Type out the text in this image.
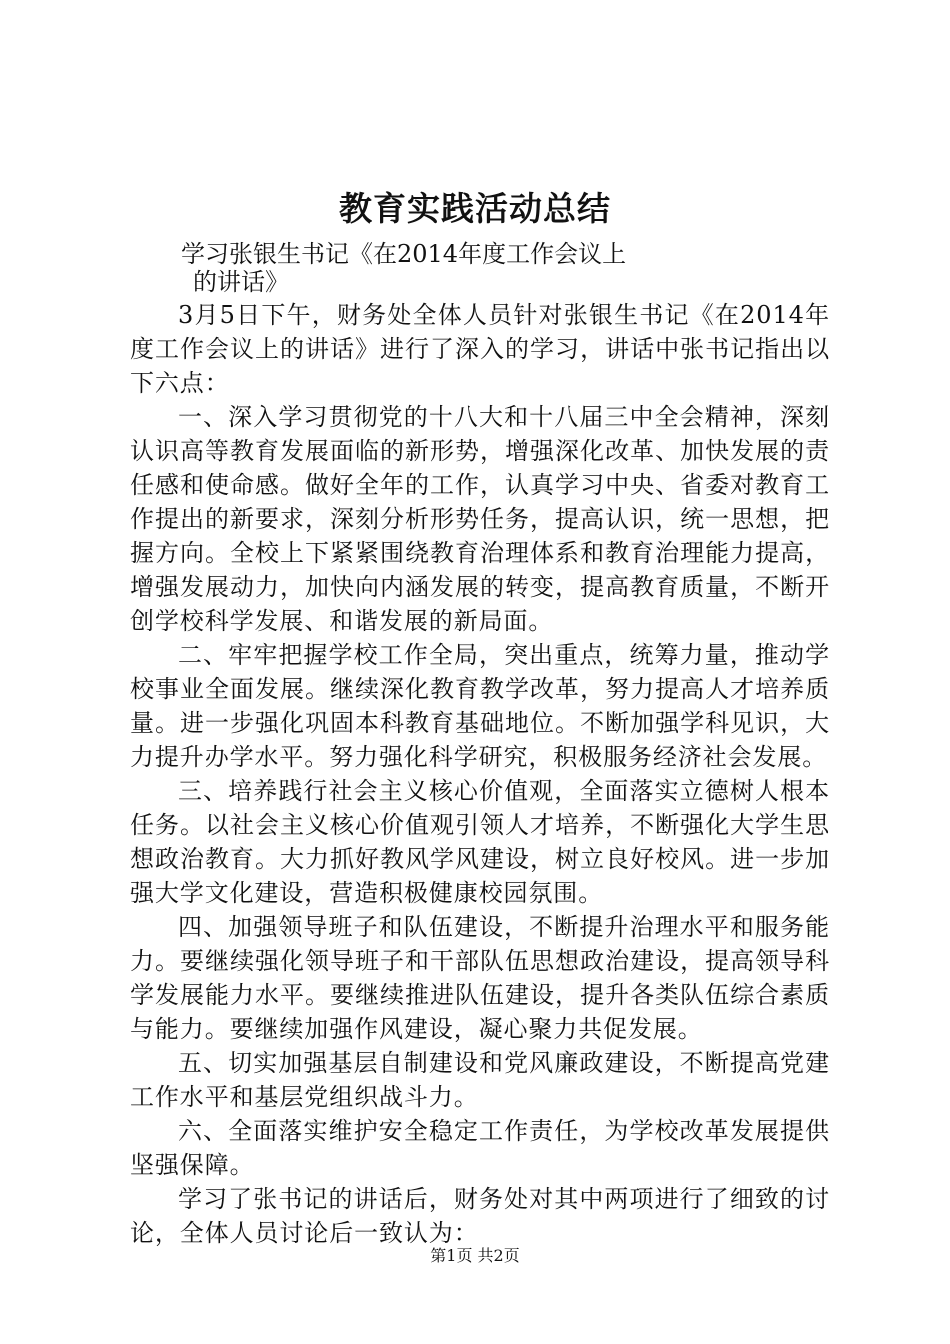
教育实践活动总结
学习张银生书记《在2014年度工作会议上
的讲话》

3月5日下午，财务处全体人员针对张银生书记《在2014年度工作会议上的讲话》进行了深入的学习，讲话中张书记指出以下六点：

一、深入学习贯彻党的十八大和十八届三中全会精神，深刻认识高等教育发展面临的新形势，增强深化改革、加快发展的责任感和使命感。做好全年的工作，认真学习中央、省委对教育工作提出的新要求，深刻分析形势任务，提高认识，统一思想，把握方向。全校上下紧紧围绕教育治理体系和教育治理能力提高，增强发展动力，加快向内涵发展的转变，提高教育质量，不断开创学校科学发展、和谐发展的新局面。

二、牢牢把握学校工作全局，突出重点，统筹力量，推动学校事业全面发展。继续深化教育教学改革，努力提高人才培养质量。进一步强化巩固本科教育基础地位。不断加强学科见识，大力提升办学水平。努力强化科学研究，积极服务经济社会发展。

三、培养践行社会主义核心价值观，全面落实立德树人根本任务。以社会主义核心价值观引领人才培养，不断强化大学生思想政治教育。大力抓好教风学风建设，树立良好校风。进一步加强大学文化建设，营造积极健康校园氛围。

四、加强领导班子和队伍建设，不断提升治理水平和服务能力。要继续强化领导班子和干部队伍思想政治建设，提高领导科学发展能力水平。要继续推进队伍建设，提升各类队伍综合素质与能力。要继续加强作风建设，凝心聚力共促发展。

五、切实加强基层自制建设和党风廉政建设，不断提高党建工作水平和基层党组织战斗力。

六、全面落实维护安全稳定工作责任，为学校改革发展提供坚强保障。

学习了张书记的讲话后，财务处对其中两项进行了细致的讨论，全体人员讨论后一致认为：

第1页 共2页
